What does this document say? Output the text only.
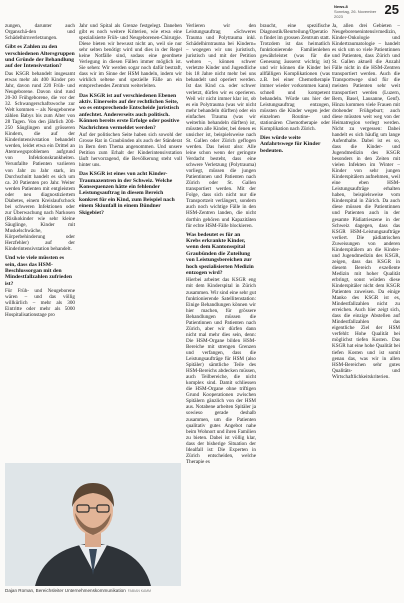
News.8
Sonntag, 26. November 2023	25

zungen, darunter auch Organschä-den und Schädelhirnverletzungen.

Gibt es Zahlen zu den verschiedenen Altersgruppen und Gründe der Behandlung auf der Intensivstation?

Das KSGR behandelt insgesamt etwas mehr als 400 Kinder pro Jahr, davon rund 220 Früh- und Neugeborene. Davon sind rund 20-30 Frühgeborene, die vor der 32. Schwangerschaftswoche zur Welt kommen – als Neugeborene zählen Babys bis zum Alter von 28 Tagen. Von den jährlich 200-250 Säuglingen und grösseren Kindern, die auf der Kinderintensivstation behandelt werden, leidet etwa ein Drittel an Atemwegsproblemen aufgrund von Infektionskrankheiten. Verunfallte Patienten variieren von Jahr zu Jahr stark, im Durchschnitt handelt es sich um ca. 20 Patienten pro Jahr. Weiter werden Patienten mit entgleistem oder neu diagnostiziertem Diabetes, einem Kreislaufschock bei schweren Infektionen oder zur Überwachung nach Narkosen (Risikokinder wie sehr kleine Säuglinge, Kinder mit Muskelschwäche, Körperbehinderung oder Herzfehler) auf der Kinderintensivstation behandelt.

Und wie viele müssten es sein, dass das HSM-Beschlussorgan mit den Mindestfallzahlen zufrieden ist?

Für Früh- und Neugeborene wären – und das völlig willkürlich – mehr als 300 Eintritte oder mehr als 5000 Hospitalisationstage pro

Jahr und Spital als Grenze festgelegt. Daneben gibt es noch weitere Kriterien, wie etwa eine spezialisierte Früh- und Neugeborenen-Chirurgie. Diese bieten wir bewusst nicht an, weil sie nur sehr selten benötigt wird und dies in der Regel keine Notfälle sind, sodass eine geordnete Verlegung in diesen Fällen immer möglich ist. Sie sehen: Wir werden sogar noch dafür bestraft, dass wir im Sinne der HSM handeln, indem wir wirklich seltene und spezielle Fälle an ein entsprechendes Zentrum weiterleiten.

Das KSGR ist auf verschiedenen Ebenen aktiv. Einerseits auf der rechtlichen Seite, wo es entsprechende Entscheide juristisch anfechtet. Andererseits auch politisch. Können bereits erste Erfolge oder positive Nachrichten vermeldet werden?

Auf der politischen Seite haben sich sowohl der Grosse Rat in Graubünden als auch der Ständerat in Bern dem Thema angenommen. Und unsere Petition zum Erhalt der Kinderintensivstation läuft hervorragend, die Bevölkerung steht voll hinter uns.

Das KSGR ist eines von acht Kinder-Traumazentren in der Schweiz. Welche Konsequenzen hätte ein fehlender Leistungsauftrag in diesem Bereich konkret für ein Kind, zum Beispiel nach einem Skiunfall in einem Bündner Skigebiet?

Verlieren wir den Leistungsauftrag «Schweres Trauma und Polytrauma inkl. Schädelhirntrauma bei Kindern» – wogegen wir uns juristisch, juristisch und mit der Petition wehren –, können schwer verletzte Kinder und Jugendliche bis 18 Jahre nicht mehr bei uns behandelt und operiert werden. Ist das Kind ca. oder schwer verletzt, dürfen wir es operieren. Weil wir nicht immer klar ist, ob es ein Polytrauma (was wir nicht mehr behandeln dürften) oder ein einfaches Trauma (was wir weiterhin behandeln dürften) ist, müssten alle Kinder, bei denen es unsicher ist, beispielsweise nach St. Gallen oder Zürich geflogen werden. Das heisst also: Alle leine schon wenn der geringste Verdacht besteht, dass eine schwere Verletzung (Polytrauma) vorliegt, müssen die jungen Patientinnen und Patienten nach Zürich oder St. Gallen transportiert werden. Mit der Folge, dass sich nicht nur die Transportzeit verlängert, sondern auch noch wichtige Fälle in den HSM-Zentren landen, die nicht dorthin gehören und Kapazitäten für echte HSM-Fälle blockieren.

Was bedeutet es für an Krebs erkrankte Kinder, wenn dem Kantonsspital Graubünden die Zuteilung von Leistungsbereichen zur hoch spezialisierten Medizin entzogen wird?

Hierbei arbeitet das KSGR eng mit dem Kinderspital in Zürich zusammen. Wir sind eine sehr gut funktionierende Satellitenstation: Einige Behandlungen können wir hier machen, für grössere Behandlungen müssen die Patientinnen und Patienten nach Zürich, aber wir dürfen dann nicht mal mehr dies sein, denn: Die HSM-Organe bilden HSM-Bereiche mit strengen Grenzen und verfangen, dass die Leistungsaufträge für HSM (also Spitäler) sämtliche Teile des HSM-Bereichs abdecken müssen, auch Teilbereiche, die nicht komplex sind. Damit schliessen die HSM-Organe ohne triftigen Grund Kooperationen zwischen Spitälern gänzlich von der HSM aus. Notabene arbeiten Spitäler ja sowieso gerade deshalb zusammen, um die Patienten qualitativ gutes Angebot nahe beim Wohnort und ihren Familien zu bieten. Dabei ist völlig klar, dass der bisherige Situation der Idealfall ist: Die Experten in Zürich entscheiden, welche Therapie es

braucht, eine spezifische Diagnostik/Beurteilung/Operation findet im grossen Zentrum statt. Trotzdem ist das heimatlich funktionierende Familienleben gewährleistet (was für die Genesung äusserst wichtig ist) und wir können die Kinder bei allfälligen Komplikationen (was z.B. bei einer Chemotherapie immer wieder vorkommen kann) schnell und kompetent behandeln. Würde uns hier der Leistungsauftrag entzogen, müssten die Kinder wegen jeder einzelnen Routine- und stationären Chemotherapie oder Komplikation nach Zürich.

Dies würde weite Anfahrtswege für Kinder bedeuten.

Ja, allen drei Gebieten – Neugeborenenintensivmedizin, Kinder-Onkologie und Kindertraumatologie – handelt es sich um so viele Patientinnen und Patienten, dass Zürich und St. Gallen aktuell die Anzahl Fälle nicht in die HSM-Zentren transportiert werden. Auch die Transportwege sind für die meisten Patienten sehr weit transportiert werden (Luzern, Bern, Basel, Lausanne, Genf). Hinzu kommen viele Frauen mit drohender Frühgeburt; auch diese müssten weit weg von der Heimatregion verlegt werden. Nicht zu vergessen: Dabei handelt es sich häufig um lange Aufenthalte. Dabei ist es so, dass die Kinder- und Jugendmedizin des KSGR besonders in den Zeiten mit vielen Infekten im Winter – Kinder von sehr jungen Kinderspitälern aufnehmen, weil eine eben HSM-Leistungsaufträge erhalten haben, beispielsweise vom Kinderspital in Zürich. Da auch diese müssen die Patientinnen und Patienten auch in der gesamte Pädiatrieszene in der Schweiz dagegen, dass das KSGR HSM-Leistungsaufträge verliert. Die pädiatrischen Zuweisungen von anderen Kinderspitälern an die Kinder- und Jugendmedizin des KSGR, zeigen, dass das KSGR in diesem Bereich exzellente Medizin mit hoher Qualität erbringt, sonst würden diese Kinderspitäler nicht dem KSGR Patienten zuweisen. Da einige Manko des KSGR ist es, Mindestfallzahlen nicht zu erreichen. Auch hier zeigt sich, dass die einzige Abstellen auf Mindestfallzahlen das eigentliche Ziel der HSM verfehlt: Hohe Qualität bei möglichst tiefen Kosten. Das KSGR hat eine hohe Qualität bei tiefen Kosten und ist somit genau das, was wir in allen HSM-Bereichen sehr gutes Qualitäts- und Wirtschaftlichkeitskriterien.

Dajan Roman, Bereichsleiter Unternehmenskommunikation FABIAN KAMM
